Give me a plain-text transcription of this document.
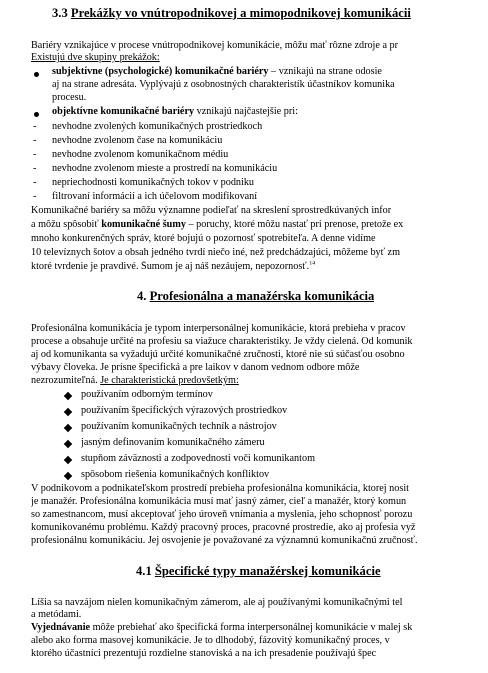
3.3 Prekážky vo vnútropodnikovej a mimopodnikovej komunikácii
Bariéry vznikajúce v procese vnútropodnikovej komunikácie, môžu mať rôzne zdroje a pr
Existujú dve skupiny prekážok:
subjektívne (psychologické) komunikačné bariéry – vznikajú na strane odosie
aj na strane adresáta. Vyplývajú z osobnostných charakteristík účastníkov komunika
procesu.
objektívne komunikačné bariéry vznikajú najčastejšie pri:
- nevhodne zvolených komunikačných prostriedkoch
- nevhodne zvolenom čase na komunikáciu
- nevhodne zvolenom komunikačnom médiu
- nevhodne zvolenom mieste a prostredí na komunikáciu
- nepriechodnosti komunikačných tokov v podniku
- filtrovaní informácií a ich účelovom modifikovaní
Komunikačné bariéry sa môžu významne podieľať na skreslení sprostredkúvaných infor
a môžu spôsobiť komunikačné šumy – poruchy, ktoré môžu nastať pri prenose, pretože ex
mnoho konkurenčných správ, ktoré bojujú o pozornosť spotrebiteľa. A denne vidíme
10 televíznych šotov a obsah jedného tvrdí niečo iné, než predchádzajúci, môžeme byť zm
ktoré tvrdenie je pravdivé. Šumom je aj náš nezáujem, nepozornosť.$^{14}$
4. Profesionálna a manažérska komunikácia
Profesionálna komunikácia je typom interpersonálnej komunikácie, ktorá prebieha v pracov
procese a obsahuje určité na profesiu sa viažuce charakteristiky. Je vždy cielená. Od komunik
aj od komunikanta sa vyžadujú určité komunikačné zručnosti, ktoré nie sú súčasťou osobno
výbavy človeka. Je prísne špecifická a pre laikov v danom vednom odbore môže
nezrozumiteľná. Je charakteristická predovšetkým:
používaním odborným termínov
používaním špecifických výrazových prostriedkov
používaním komunikačných techník a nástrojov
jasným definovaním komunikačného zámeru
stupňom záväznosti a zodpovednosti voči komunikantom
spôsobom riešenia komunikačných konfliktov
V podnikovom a podnikateľskom prostredí prebieha profesionálna komunikácia, ktorej nosit
je manažér. Profesionálna komunikácia musí mať jasný zámer, cieľ a manažér, ktorý komun
so zamestnancom, musí akceptovať jeho úroveň vnímania a myslenia, jeho schopnosť porozu
komunikovanému problému. Každý pracovný proces, pracovné prostredie, ako aj profesia vyž
profesionálnu komunikáciu. Jej osvojenie je považované za významnú komunikačnú zručnosť.
4.1 Špecifické typy manažérskej komunikácie
Líšia sa navzájom nielen komunikačným zámerom, ale aj používanými komunikačnými tel
a metódami.
Vyjednávanie môže prebiehať ako špecifická forma interpersonálnej komunikácie v malej sk
alebo ako forma masovej komunikácie. Je to dlhodobý, fázovitý komunikačný proces, v
ktorého účastníci prezentujú rozdielne stanoviská a na ich presadenie používajú špec
